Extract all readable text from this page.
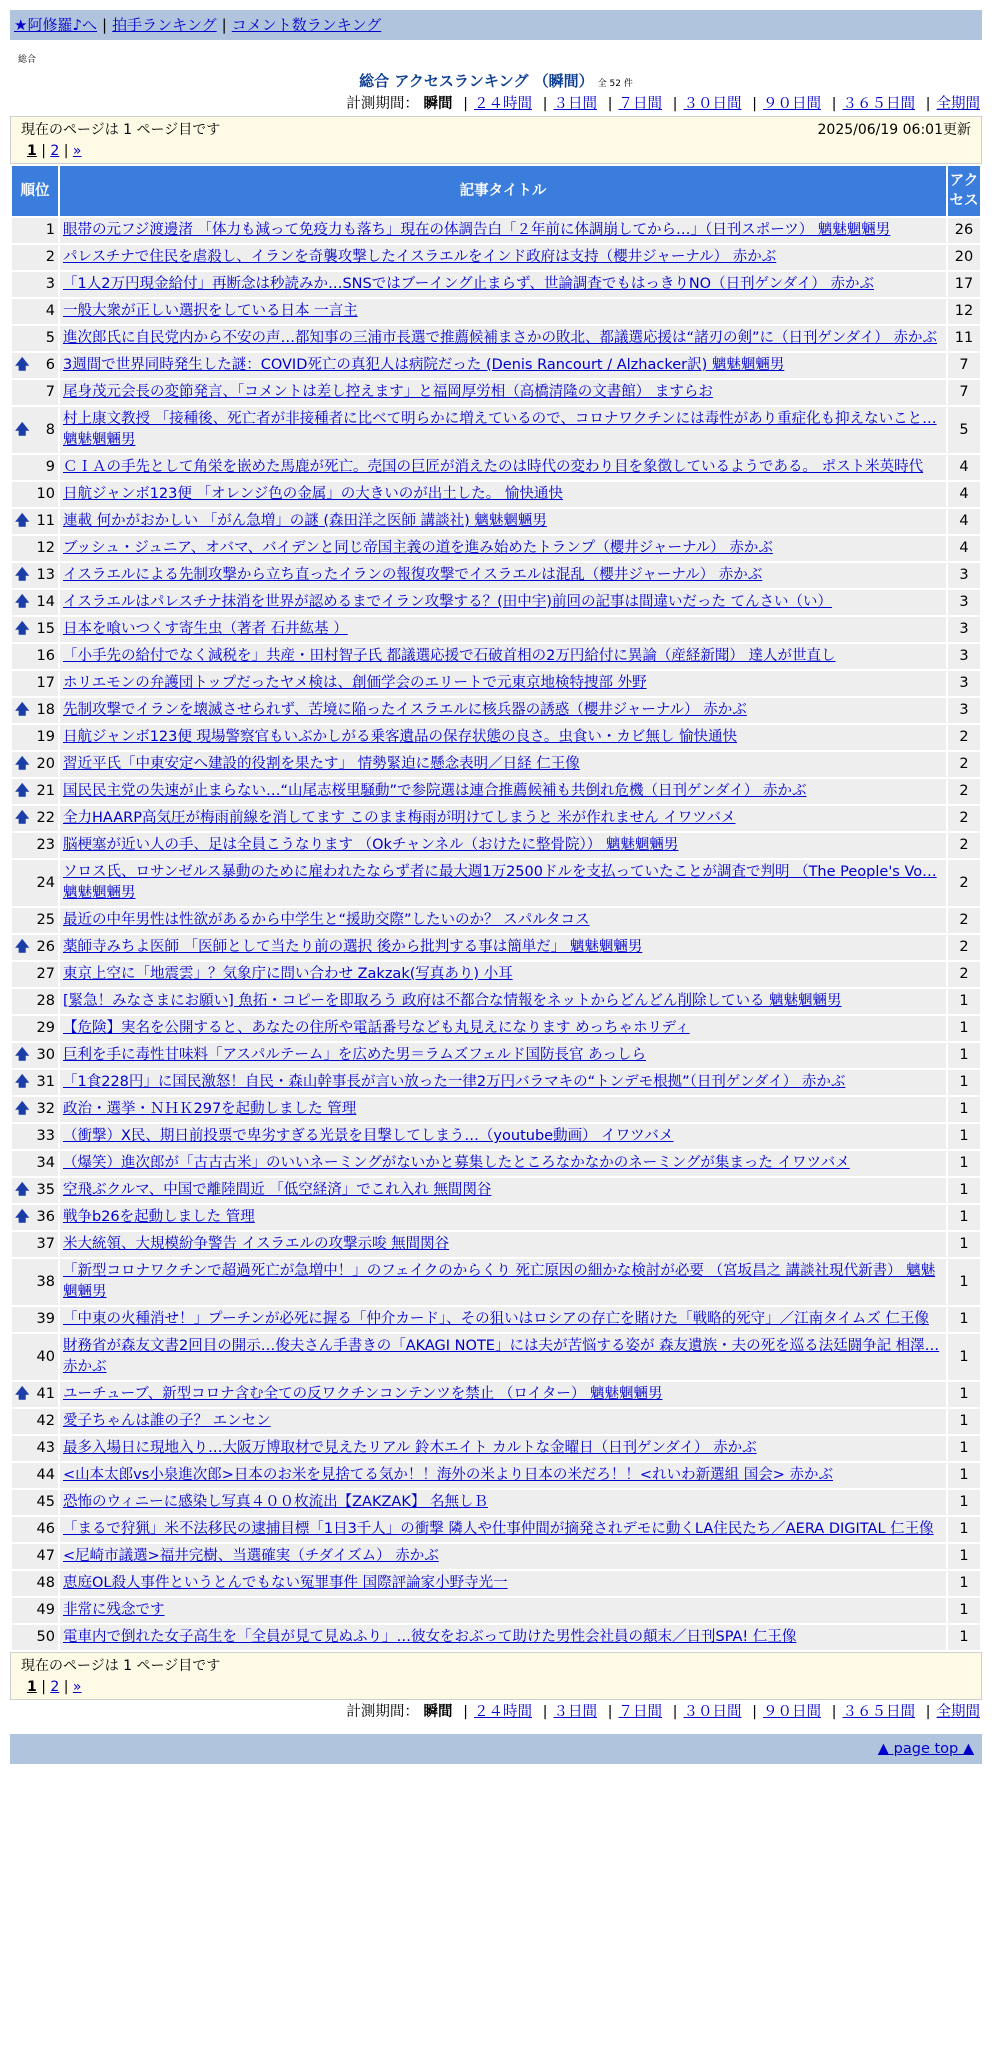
★阿修羅♪へ | 拍手ランキング | コメント数ランキング
総合
総合 アクセスランキング （瞬間） 全 52 件
計測期間： 瞬間 | ２４時間 | ３日間 | ７日間 | ３０日間 | ９０日間 | ３６５日間 | 全期間
現在のページは 1 ページ目です	2025/06/19 06:01更新
1 | 2 | »
順位	記事タイトル	アクセス
1	眼帯の元フジ渡邊渚 「体力も減って免疫力も落ち」現在の体調告白「２年前に体調崩してから…」（日刊スポーツ） 魑魅魍魎男	26
2	パレスチナで住民を虐殺し、イランを奇襲攻撃したイスラエルをインド政府は支持（櫻井ジャーナル） 赤かぶ	20
3	「1人2万円現金給付」再断念は秒読みか…SNSではブーイング止まらず、世論調査でもはっきりNO（日刊ゲンダイ） 赤かぶ	17
4	一般大衆が正しい選択をしている日本 一言主	12
5	進次郎氏に自民党内から不安の声…都知事の三浦市長選で推薦候補まさかの敗北、都議選応援は“諸刃の剣”に（日刊ゲンダイ） 赤かぶ	11

🡅 6	3週間で世界同時発生した謎：COVID死亡の真犯人は病院だった (Denis Rancourt / Alzhacker訳) 魑魅魍魎男	7
7	尾身茂元会長の変節発言、「コメントは差し控えます」と福岡厚労相（高橋清隆の文書館） ますらお	7

🡅 8	村上康文教授 「接種後、死亡者が非接種者に比べて明らかに増えているので、コロナワクチンには毒性があり重症化も抑えないこと… 魑魅魍魎男	5
9	ＣＩＡの手先として角栄を嵌めた馬鹿が死亡。売国の巨匠が消えたのは時代の変わり目を象徴しているようである。 ポスト米英時代	4
10	日航ジャンボ123便 「オレンジ色の金属」の大きいのが出土した。 愉快通快	4

🡅 11	連載 何かがおかしい 「がん急増」の謎 (森田洋之医師 講談社) 魑魅魍魎男	4
12	ブッシュ・ジュニア、オバマ、バイデンと同じ帝国主義の道を進み始めたトランプ（櫻井ジャーナル） 赤かぶ	4

🡅 13	イスラエルによる先制攻撃から立ち直ったイランの報復攻撃でイスラエルは混乱（櫻井ジャーナル） 赤かぶ	3

🡅 14	イスラエルはパレスチナ抹消を世界が認めるまでイラン攻撃する？(田中宇)前回の記事は間違いだった てんさい（い）	3

🡅 15	日本を喰いつくす寄生虫（著者 石井紘基 ）	3
16	「小手先の給付でなく減税を」共産・田村智子氏 都議選応援で石破首相の2万円給付に異論（産経新聞） 達人が世直し	3
17	ホリエモンの弁護団トップだったヤメ検は、創価学会のエリートで元東京地検特捜部 外野	3

🡅 18	先制攻撃でイランを壊滅させられず、苦境に陥ったイスラエルに核兵器の誘惑（櫻井ジャーナル） 赤かぶ	3
19	日航ジャンボ123便 現場警察官もいぶかしがる乗客遺品の保存状態の良さ。虫食い・カビ無し 愉快通快	2

🡅 20	習近平氏「中東安定へ建設的役割を果たす」 情勢緊迫に懸念表明／日経 仁王像	2

🡅 21	国民民主党の失速が止まらない…“山尾志桜里騒動”で参院選は連合推薦候補も共倒れ危機（日刊ゲンダイ） 赤かぶ	2

🡅 22	全力HAARP高気圧が梅雨前線を消してます このまま梅雨が明けてしまうと 米が作れません イワツバメ	2
23	脳梗塞が近い人の手、足は全員こうなります （Okチャンネル（おけたに整骨院）） 魑魅魍魎男	2
24	ソロス氏、ロサンゼルス暴動のために雇われたならず者に最大週1万2500ドルを支払っていたことが調査で判明 （The People's Vo… 魑魅魍魎男	2
25	最近の中年男性は性欲があるから中学生と“援助交際”したいのか？ スパルタコス	2

🡅 26	薬師寺みちよ医師 「医師として当たり前の選択 後から批判する事は簡単だ」 魑魅魍魎男	2
27	東京上空に「地震雲」？気象庁に問い合わせ Zakzak(写真あり) 小耳	2
28	[緊急！みなさまにお願い] 魚拓・コピーを即取ろう 政府は不都合な情報をネットからどんどん削除している 魑魅魍魎男	1
29	【危険】実名を公開すると、あなたの住所や電話番号なども丸見えになります めっちゃホリディ	1

🡅 30	巨利を手に毒性甘味料「アスパルテーム」を広めた男＝ラムズフェルド国防長官 あっしら	1

🡅 31	「1食228円」に国民激怒！自民・森山幹事長が言い放った一律2万円バラマキの“トンデモ根拠”（日刊ゲンダイ） 赤かぶ	1

🡅 32	政治・選挙・ＮＨＫ297を起動しました 管理	1
33	（衝撃）X民、期日前投票で卑劣すぎる光景を目撃してしまう…（youtube動画） イワツバメ	1
34	（爆笑）進次郎が「古古古米」のいいネーミングがないかと募集したところなかなかのネーミングが集まった イワツバメ	1

🡅 35	空飛ぶクルマ、中国で離陸間近 「低空経済」でこれ入れ 無間関谷	1

🡅 36	戦争b26を起動しました 管理	1
37	米大統領、大規模紛争警告 イスラエルの攻撃示唆 無間関谷	1
38	「新型コロナワクチンで超過死亡が急増中！」のフェイクのからくり 死亡原因の細かな検討が必要 （宮坂昌之 講談社現代新書） 魑魅魍魎男	1
39	「中東の火種消せ！」プーチンが必死に握る「仲介カード」、その狙いはロシアの存亡を賭けた「戦略的死守」／江南タイムズ 仁王像	1
40	財務省が森友文書2回目の開示…俊夫さん手書きの「AKAGI NOTE」には夫が苦悩する姿が 森友遺族・夫の死を巡る法廷闘争記 相澤… 赤かぶ	1

🡅 41	ユーチューブ、新型コロナ含む全ての反ワクチンコンテンツを禁止 （ロイター） 魑魅魍魎男	1
42	愛子ちゃんは誰の子？ エンセン	1
43	最多入場日に現地入り…大阪万博取材で見えたリアル 鈴木エイト カルトな金曜日（日刊ゲンダイ） 赤かぶ	1
44	<山本太郎vs小泉進次郎>日本のお米を見捨てる気か！！海外の米より日本の米だろ！！<れいわ新選組 国会> 赤かぶ	1
45	恐怖のウィニーに感染し写真４００枚流出【ZAKZAK】 名無しＢ	1
46	「まるで狩猟」米不法移民の逮捕目標「1日3千人」の衝撃 隣人や仕事仲間が摘発されデモに動くLA住民たち／AERA DIGITAL 仁王像	1
47	<尼崎市議選>福井完樹、当選確実（チダイズム） 赤かぶ	1
48	恵庭OL殺人事件というとんでもない冤罪事件 国際評論家小野寺光一	1
49	非常に残念です	1
50	電車内で倒れた女子高生を「全員が見て見ぬふり」…彼女をおぶって助けた男性会社員の顛末／日刊SPA! 仁王像	1
現在のページは 1 ページ目です
1 | 2 | »
計測期間： 瞬間 | ２４時間 | ３日間 | ７日間 | ３０日間 | ９０日間 | ３６５日間 | 全期間
▲ page top ▲
